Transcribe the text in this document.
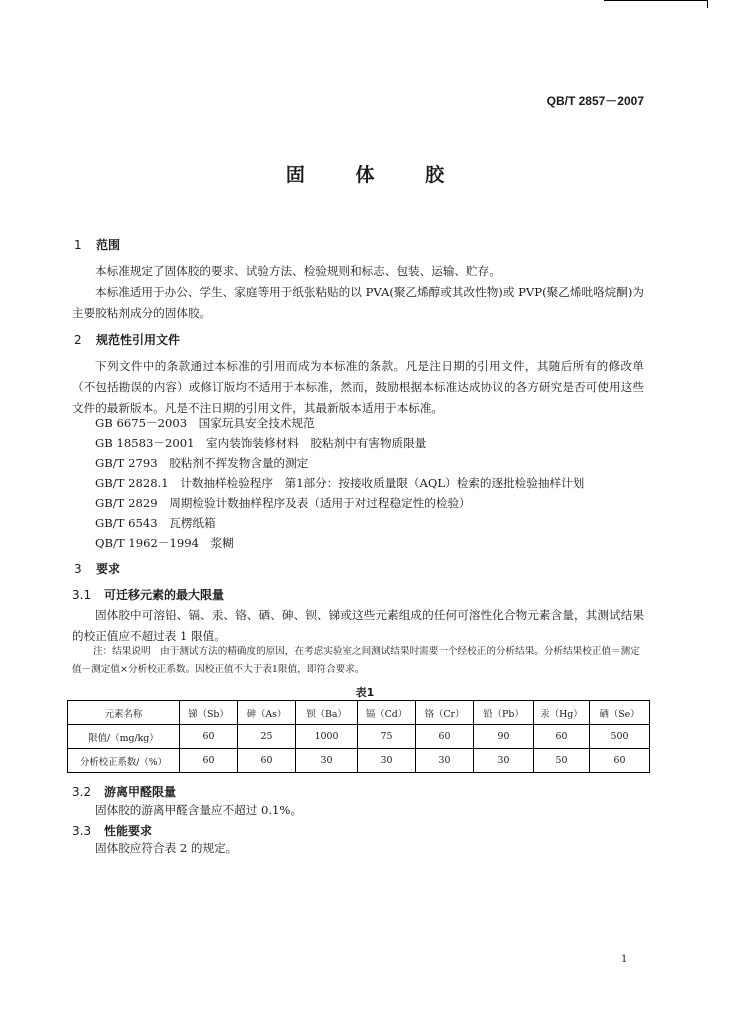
QB/T 2857－2007
固 体 胶
1 范围
本标准规定了固体胶的要求、试验方法、检验规则和标志、包装、运输、贮存。
本标准适用于办公、学生、家庭等用于纸张粘贴的以 PVA(聚乙烯醇或其改性物)或 PVP(聚乙烯吡咯烷酮)为主要胶粘剂成分的固体胶。
2 规范性引用文件
下列文件中的条款通过本标准的引用而成为本标准的条款。凡是注日期的引用文件，其随后所有的修改单（不包括勘误的内容）或修订版均不适用于本标准，然而，鼓励根据本标准达成协议的各方研究是否可使用这些文件的最新版本。凡是不注日期的引用文件，其最新版本适用于本标准。
GB 6675－2003　国家玩具安全技术规范
GB 18583－2001　室内装饰装修材料　胶粘剂中有害物质限量
GB/T 2793　胶粘剂不挥发物含量的测定
GB/T 2828.1　计数抽样检验程序　第1部分：按接收质量限（AQL）检索的逐批检验抽样计划
GB/T 2829　周期检验计数抽样程序及表（适用于对过程稳定性的检验）
GB/T 6543　瓦楞纸箱
QB/T 1962－1994　浆糊
3 要求
3.1 可迁移元素的最大限量
固体胶中可溶铅、镉、汞、铬、硒、砷、钡、锑或这些元素组成的任何可溶性化合物元素含量，其测试结果的校正值应不超过表 1 限值。
注：结果说明　由于测试方法的精确度的原因，在考虑实验室之间测试结果时需要一个经校正的分析结果。分析结果校正值＝测定值－测定值×分析校正系数。因校正值不大于表1限值，即符合要求。
表1
元素名称	锑（Sb）	砷（As）	钡（Ba）	镉（Cd）	铬（Cr）	铅（Pb）	汞（Hg）	硒（Se）
限值/（mg/kg）	60	25	1000	75	60	90	60	500
分析校正系数/（%）	60	60	30	30	30	30	50	60
3.2 游离甲醛限量
固体胶的游离甲醛含量应不超过 0.1%。
3.3 性能要求
固体胶应符合表 2 的规定。
1
